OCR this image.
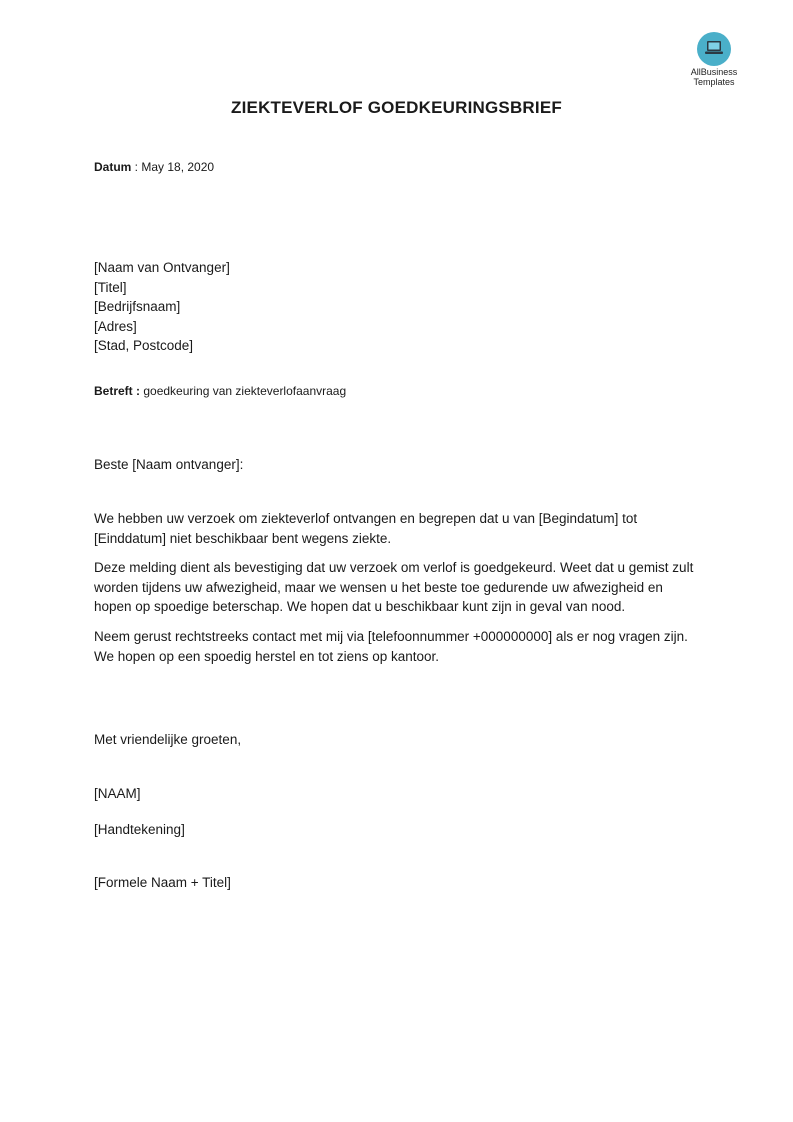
AllBusiness
Templates
ZIEKTEVERLOF GOEDKEURINGSBRIEF
Datum : May 18, 2020
[Naam van Ontvanger]
[Titel]
[Bedrijfsnaam]
[Adres]
[Stad, Postcode]
Betreft : goedkeuring van ziekteverlofaanvraag
Beste [Naam ontvanger]:

We hebben uw verzoek om ziekteverlof ontvangen en begrepen dat u van [Begindatum] tot [Einddatum] niet beschikbaar bent wegens ziekte.

Deze melding dient als bevestiging dat uw verzoek om verlof is goedgekeurd. Weet dat u gemist zult worden tijdens uw afwezigheid, maar we wensen u het beste toe gedurende uw afwezigheid en hopen op spoedige beterschap. We hopen dat u beschikbaar kunt zijn in geval van nood.

Neem gerust rechtstreeks contact met mij via [telefoonnummer +000000000] als er nog vragen zijn. We hopen op een spoedig herstel en tot ziens op kantoor.

Met vriendelijke groeten,
[NAAM]
[Handtekening]
[Formele Naam + Titel]
